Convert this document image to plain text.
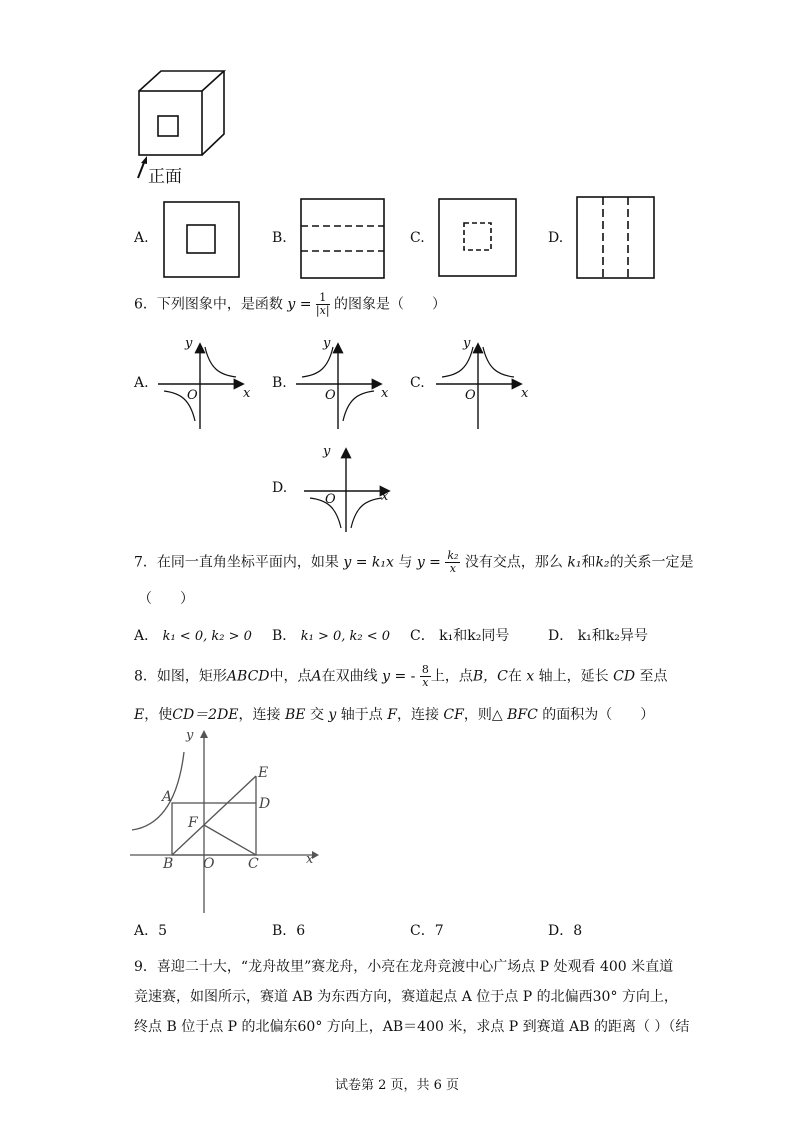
正面
A.	B.	C.	D.
6．下列图象中，是函数 $y = \frac{1}{|x|}$ 的图象是（　　）
A.
y
x
O
B.
y
x
O
C.
y
x
O
D.
y
x
O
7．在同一直角坐标平面内，如果 y = k₁x 与 $y = \frac{\text{k₂}}{x}$ 没有交点，那么 k₁和k₂的关系一定是
（　　）
A． k₁ < 0, k₂ > 0 B． k₁ > 0, k₂ < 0 C． k₁和k₂同号	D． k₁和k₂异号
8．如图，矩形ABCD中，点A在双曲线 y = - $\frac{8}{x}$ 上，点B，C在 x 轴上，延长 CD 至点
E，使CD＝2DE，连接 BE 交 y 轴于点 F，连接 CF，则△ BFC 的面积为（　　）
y
x
A
E
D
F
B O C
A．5	B．6	C．7	D．8
9．喜迎二十大，“龙舟故里”赛龙舟，小亮在龙舟竞渡中心广场点 P 处观看 400 米直道
竞速赛，如图所示，赛道 AB 为东西方向，赛道起点 A 位于点 P 的北偏西30° 方向上，
终点 B 位于点 P 的北偏东60° 方向上，AB＝400 米，求点 P 到赛道 AB 的距离（ ）（结
试卷第 2 页，共 6 页
